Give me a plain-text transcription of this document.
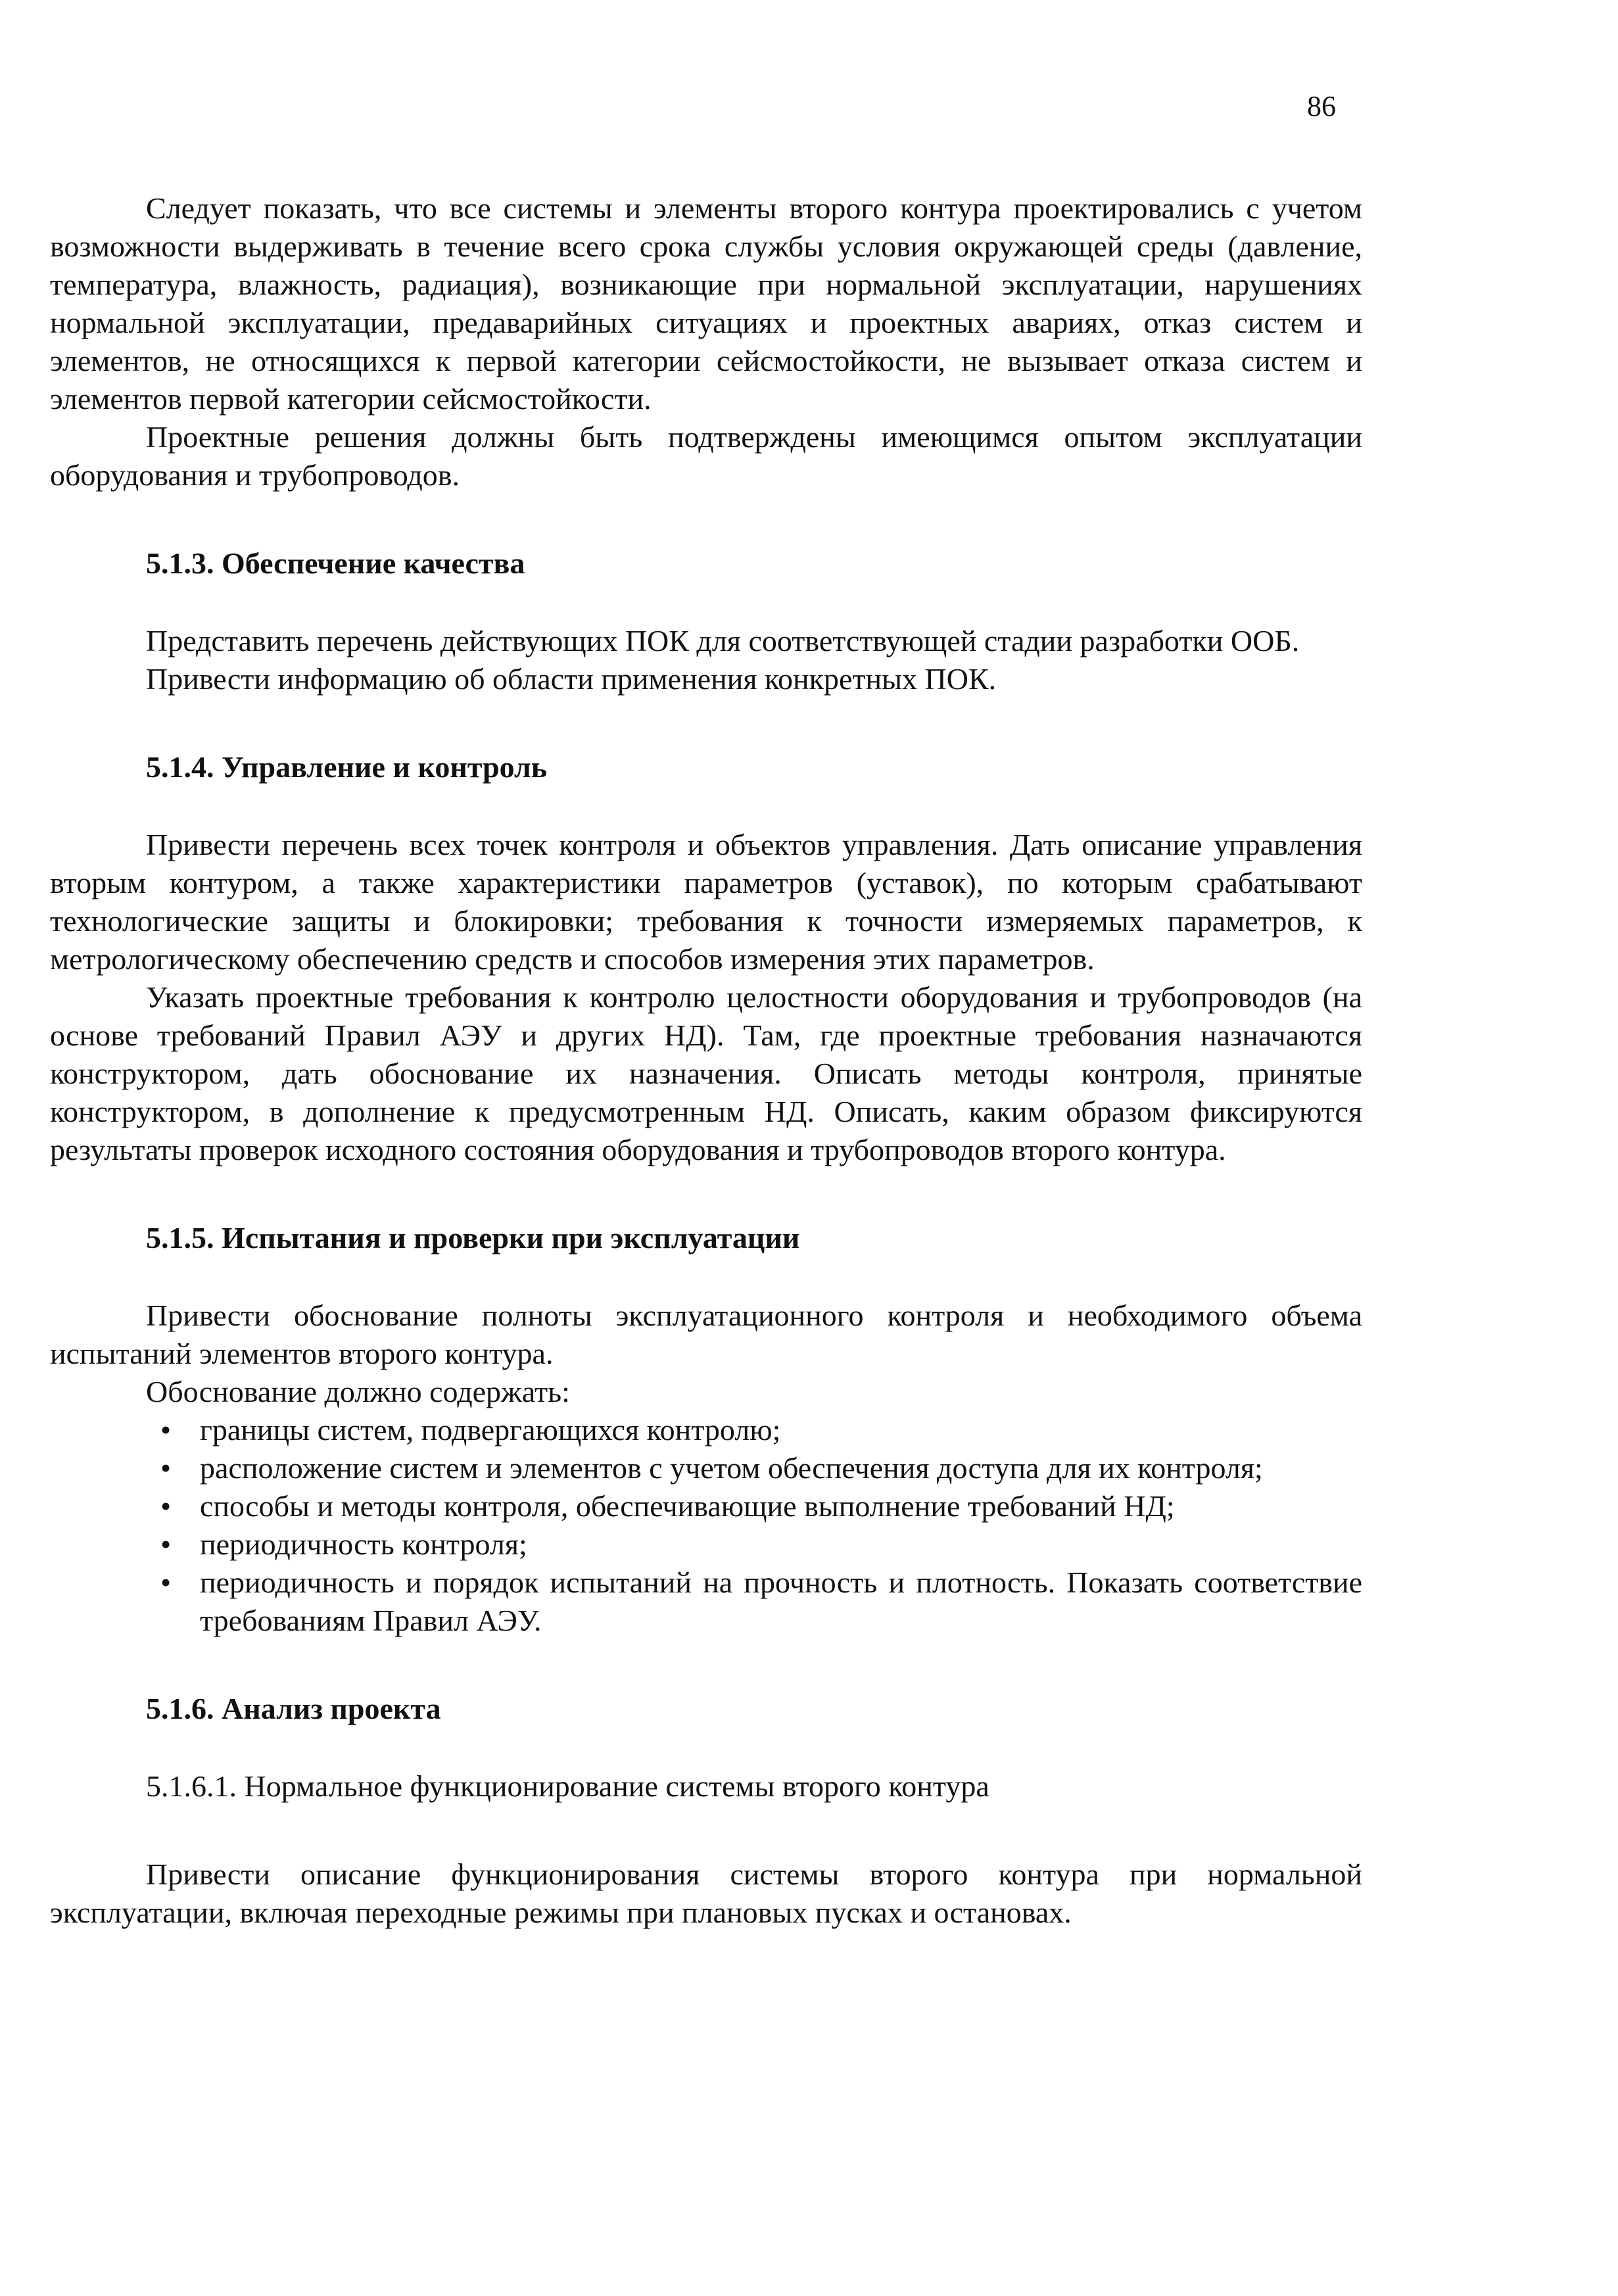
86

Следует показать, что все системы и элементы второго контура проектировались с учетом возможности выдерживать в течение всего срока службы условия окружающей среды (давление, температура, влажность, радиация), возникающие при нормальной эксплуатации, нарушениях нормальной эксплуатации, предаварийных ситуациях и проектных авариях, отказ систем и элементов, не относящихся к первой категории сейсмостойкости, не вызывает отказа систем и элементов первой категории сейсмостойкости.

Проектные решения должны быть подтверждены имеющимся опытом эксплуатации оборудования и трубопроводов.

5.1.3. Обеспечение качества

Представить перечень действующих ПОК для соответствующей стадии разработки ООБ.

Привести информацию об области применения конкретных ПОК.

5.1.4. Управление и контроль

Привести перечень всех точек контроля и объектов управления. Дать описание управления вторым контуром, а также характеристики параметров (уставок), по которым срабатывают технологические защиты и блокировки; требования к точности измеряемых параметров, к метрологическому обеспечению средств и способов измерения этих параметров.

Указать проектные требования к контролю целостности оборудования и трубопроводов (на основе требований Правил АЭУ и других НД). Там, где проектные требования назначаются конструктором, дать обоснование их назначения. Описать методы контроля, принятые конструктором, в дополнение к предусмотренным НД. Описать, каким образом фиксируются результаты проверок исходного состояния оборудования и трубопроводов второго контура.

5.1.5. Испытания и проверки при эксплуатации

Привести обоснование полноты эксплуатационного контроля и необходимого объема испытаний элементов второго контура.

Обоснование должно содержать:

• границы систем, подвергающихся контролю;
• расположение систем и элементов с учетом обеспечения доступа для их контроля;
• способы и методы контроля, обеспечивающие выполнение требований НД;
• периодичность контроля;
• периодичность и порядок испытаний на прочность и плотность. Показать соответствие требованиям Правил АЭУ.
5.1.6. Анализ проекта
5.1.6.1. Нормальное функционирование системы второго контура

Привести описание функционирования системы второго контура при нормальной эксплуатации, включая переходные режимы при плановых пусках и остановах.
